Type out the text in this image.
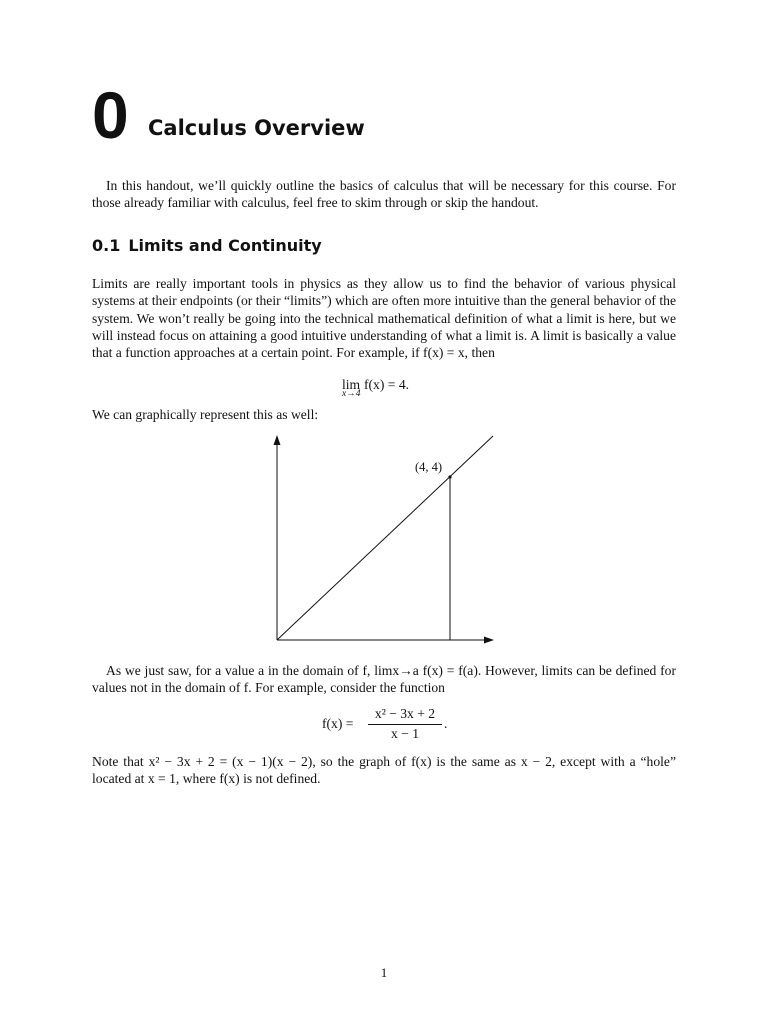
0 Calculus Overview

In this handout, we’ll quickly outline the basics of calculus that will be necessary for this course. For those already familiar with calculus, feel free to skim through or skip the handout.

0.1 Limits and Continuity

Limits are really important tools in physics as they allow us to find the behavior of various physical systems at their endpoints (or their “limits”) which are often more intuitive than the general behavior of the system. We won’t really be going into the technical mathematical definition of what a limit is here, but we will instead focus on attaining a good intuitive understanding of what a limit is. A limit is basically a value that a function approaches at a certain point. For example, if f(x) = x, then

lim
x→4
f(x) = 4.

We can graphically represent this as well:

(4, 4)

As we just saw, for a value a in the domain of f, limx→a f(x) = f(a). However, limits can be defined for values not in the domain of f. For example, consider the function

$f(x) = \frac{\text{x² − 3x + 2}}{x - 1}$ .

Note that x² − 3x + 2 = (x − 1)(x − 2), so the graph of f(x) is the same as x − 2, except with a “hole” located at x = 1, where f(x) is not defined.

1
